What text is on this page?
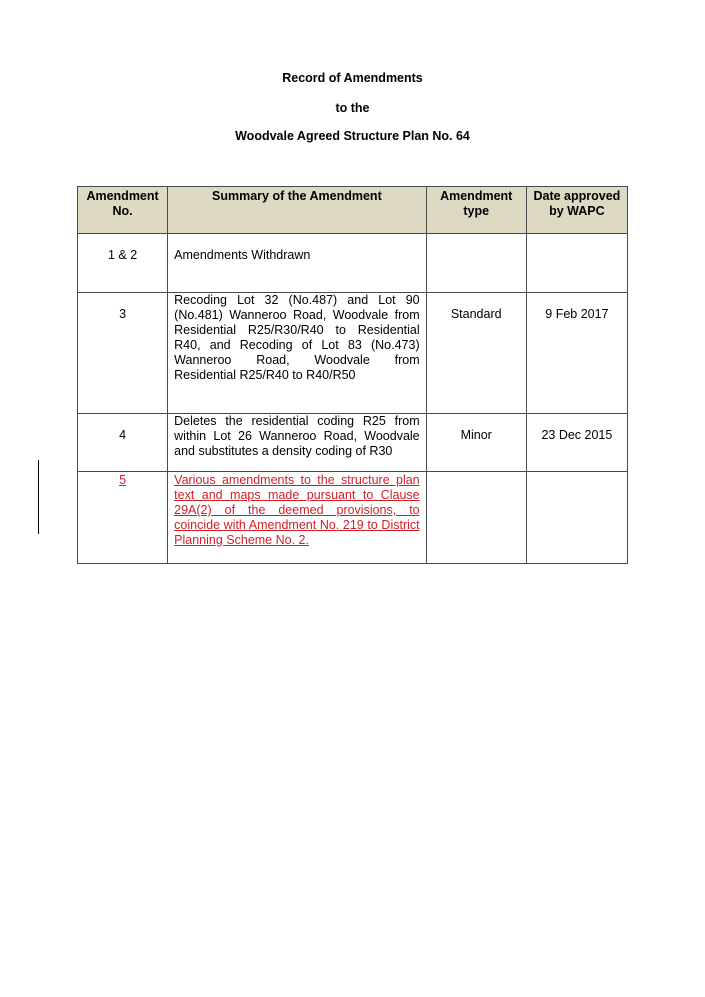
Record of Amendments
to the
Woodvale Agreed Structure Plan No. 64
Amendment No.	Summary of the Amendment	Amendment type	Date approved by WAPC
1 & 2	Amendments Withdrawn		
3	Recoding Lot 32 (No.487) and Lot 90 (No.481) Wanneroo Road, Woodvale from Residential R25/R30/R40 to Residential R40, and Recoding of Lot 83 (No.473) Wanneroo Road, Woodvale from Residential R25/R40 to R40/R50	Standard	9 Feb 2017
4	Deletes the residential coding R25 from within Lot 26 Wanneroo Road, Woodvale and substitutes a density coding of R30	Minor	23 Dec 2015
5	Various amendments to the structure plan text and maps made pursuant to Clause 29A(2) of the deemed provisions, to coincide with Amendment No. 219 to District Planning Scheme No. 2.		
